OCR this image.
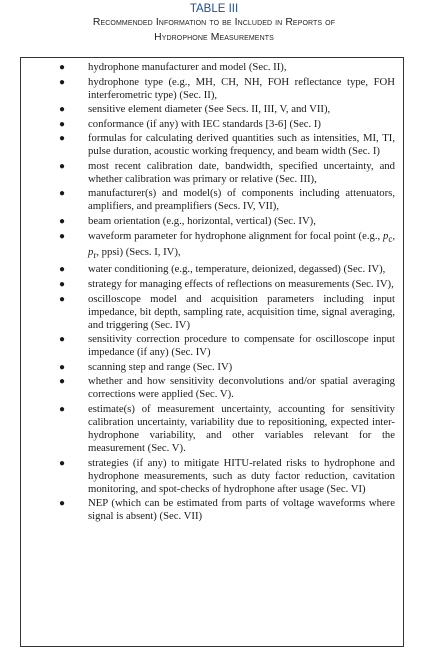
TABLE III
Recommended Information to be Included in Reports of
Hydrophone Measurements
● hydrophone manufacturer and model (Sec. II),
● hydrophone type (e.g., MH, CH, NH, FOH reflectance type, FOH interferometric type) (Sec. II),
● sensitive element diameter (See Secs. II, III, V, and VII),
● conformance (if any) with IEC standards [3-6] (Sec. I)
● formulas for calculating derived quantities such as intensities, MI, TI, pulse duration, acoustic working frequency, and beam width (Sec. I)
● most recent calibration date, bandwidth, specified uncertainty, and whether calibration was primary or relative (Sec. III),
● manufacturer(s) and model(s) of components including attenuators, amplifiers, and preamplifiers (Secs. IV, VII),
● beam orientation (e.g., horizontal, vertical) (Sec. IV),
● waveform parameter for hydrophone alignment for focal point (e.g., $p_c$, $p_r$, ppsi) (Secs. I, IV),
● water conditioning (e.g., temperature, deionized, degassed) (Sec. IV),
● strategy for managing effects of reflections on measurements (Sec. IV),
● oscilloscope model and acquisition parameters including input impedance, bit depth, sampling rate, acquisition time, signal averaging, and triggering (Sec. IV)
● sensitivity correction procedure to compensate for oscilloscope input impedance (if any) (Sec. IV)
● scanning step and range (Sec. IV)
● whether and how sensitivity deconvolutions and/or spatial averaging corrections were applied (Sec. V).
● estimate(s) of measurement uncertainty, accounting for sensitivity calibration uncertainty, variability due to repositioning, expected inter-hydrophone variability, and other variables relevant for the measurement (Sec. V).
● strategies (if any) to mitigate HITU-related risks to hydrophone and hydrophone measurements, such as duty factor reduction, cavitation monitoring, and spot-checks of hydrophone after usage (Sec. VI)
● NEP (which can be estimated from parts of voltage waveforms where signal is absent) (Sec. VII)
